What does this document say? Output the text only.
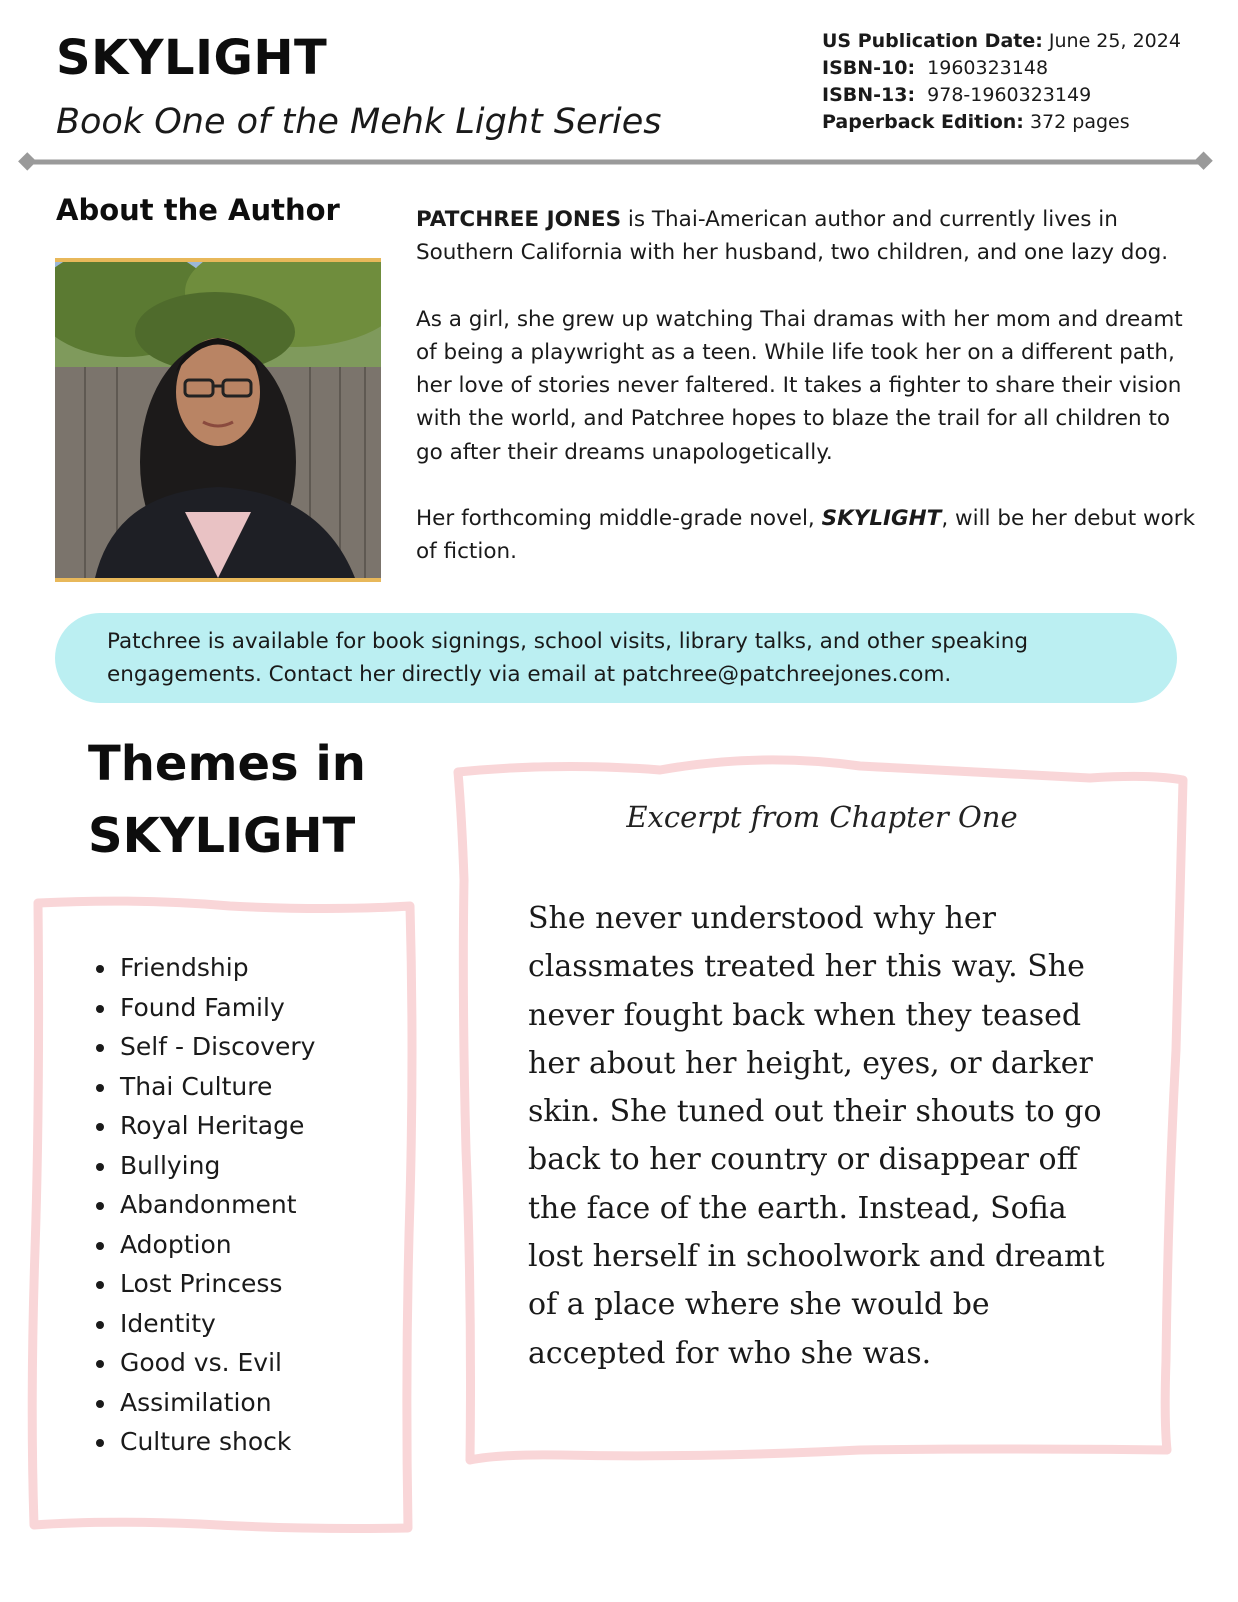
SKYLIGHT
Book One of the Mehk Light Series
US Publication Date: June 25, 2024
ISBN-10: 1960323148
ISBN-13: 978-1960323149
Paperback Edition: 372 pages
About the Author	PATCHREE JONES is Thai-American author and currently lives in Southern California with her husband, two children, and one lazy dog.

As a girl, she grew up watching Thai dramas with her mom and dreamt of being a playwright as a teen. While life took her on a different path, her love of stories never faltered. It takes a fighter to share their vision with the world, and Patchree hopes to blaze the trail for all children to go after their dreams unapologetically.

Her forthcoming middle-grade novel, SKYLIGHT, will be her debut work of fiction.

Patchree is available for book signings, school visits, library talks, and other speaking engagements. Contact her directly via email at patchree@patchreejones.com.
Themes in
SKYLIGHT
• Friendship
• Found Family
• Self - Discovery
• Thai Culture
• Royal Heritage
• Bullying
• Abandonment
• Adoption
• Lost Princess
• Identity
• Good vs. Evil
• Assimilation
• Culture shock
Excerpt from Chapter One
She never understood why her classmates treated her this way. She never fought back when they teased her about her height, eyes, or darker skin. She tuned out their shouts to go back to her country or disappear off the face of the earth. Instead, Sofia lost herself in schoolwork and dreamt of a place where she would be accepted for who she was.
